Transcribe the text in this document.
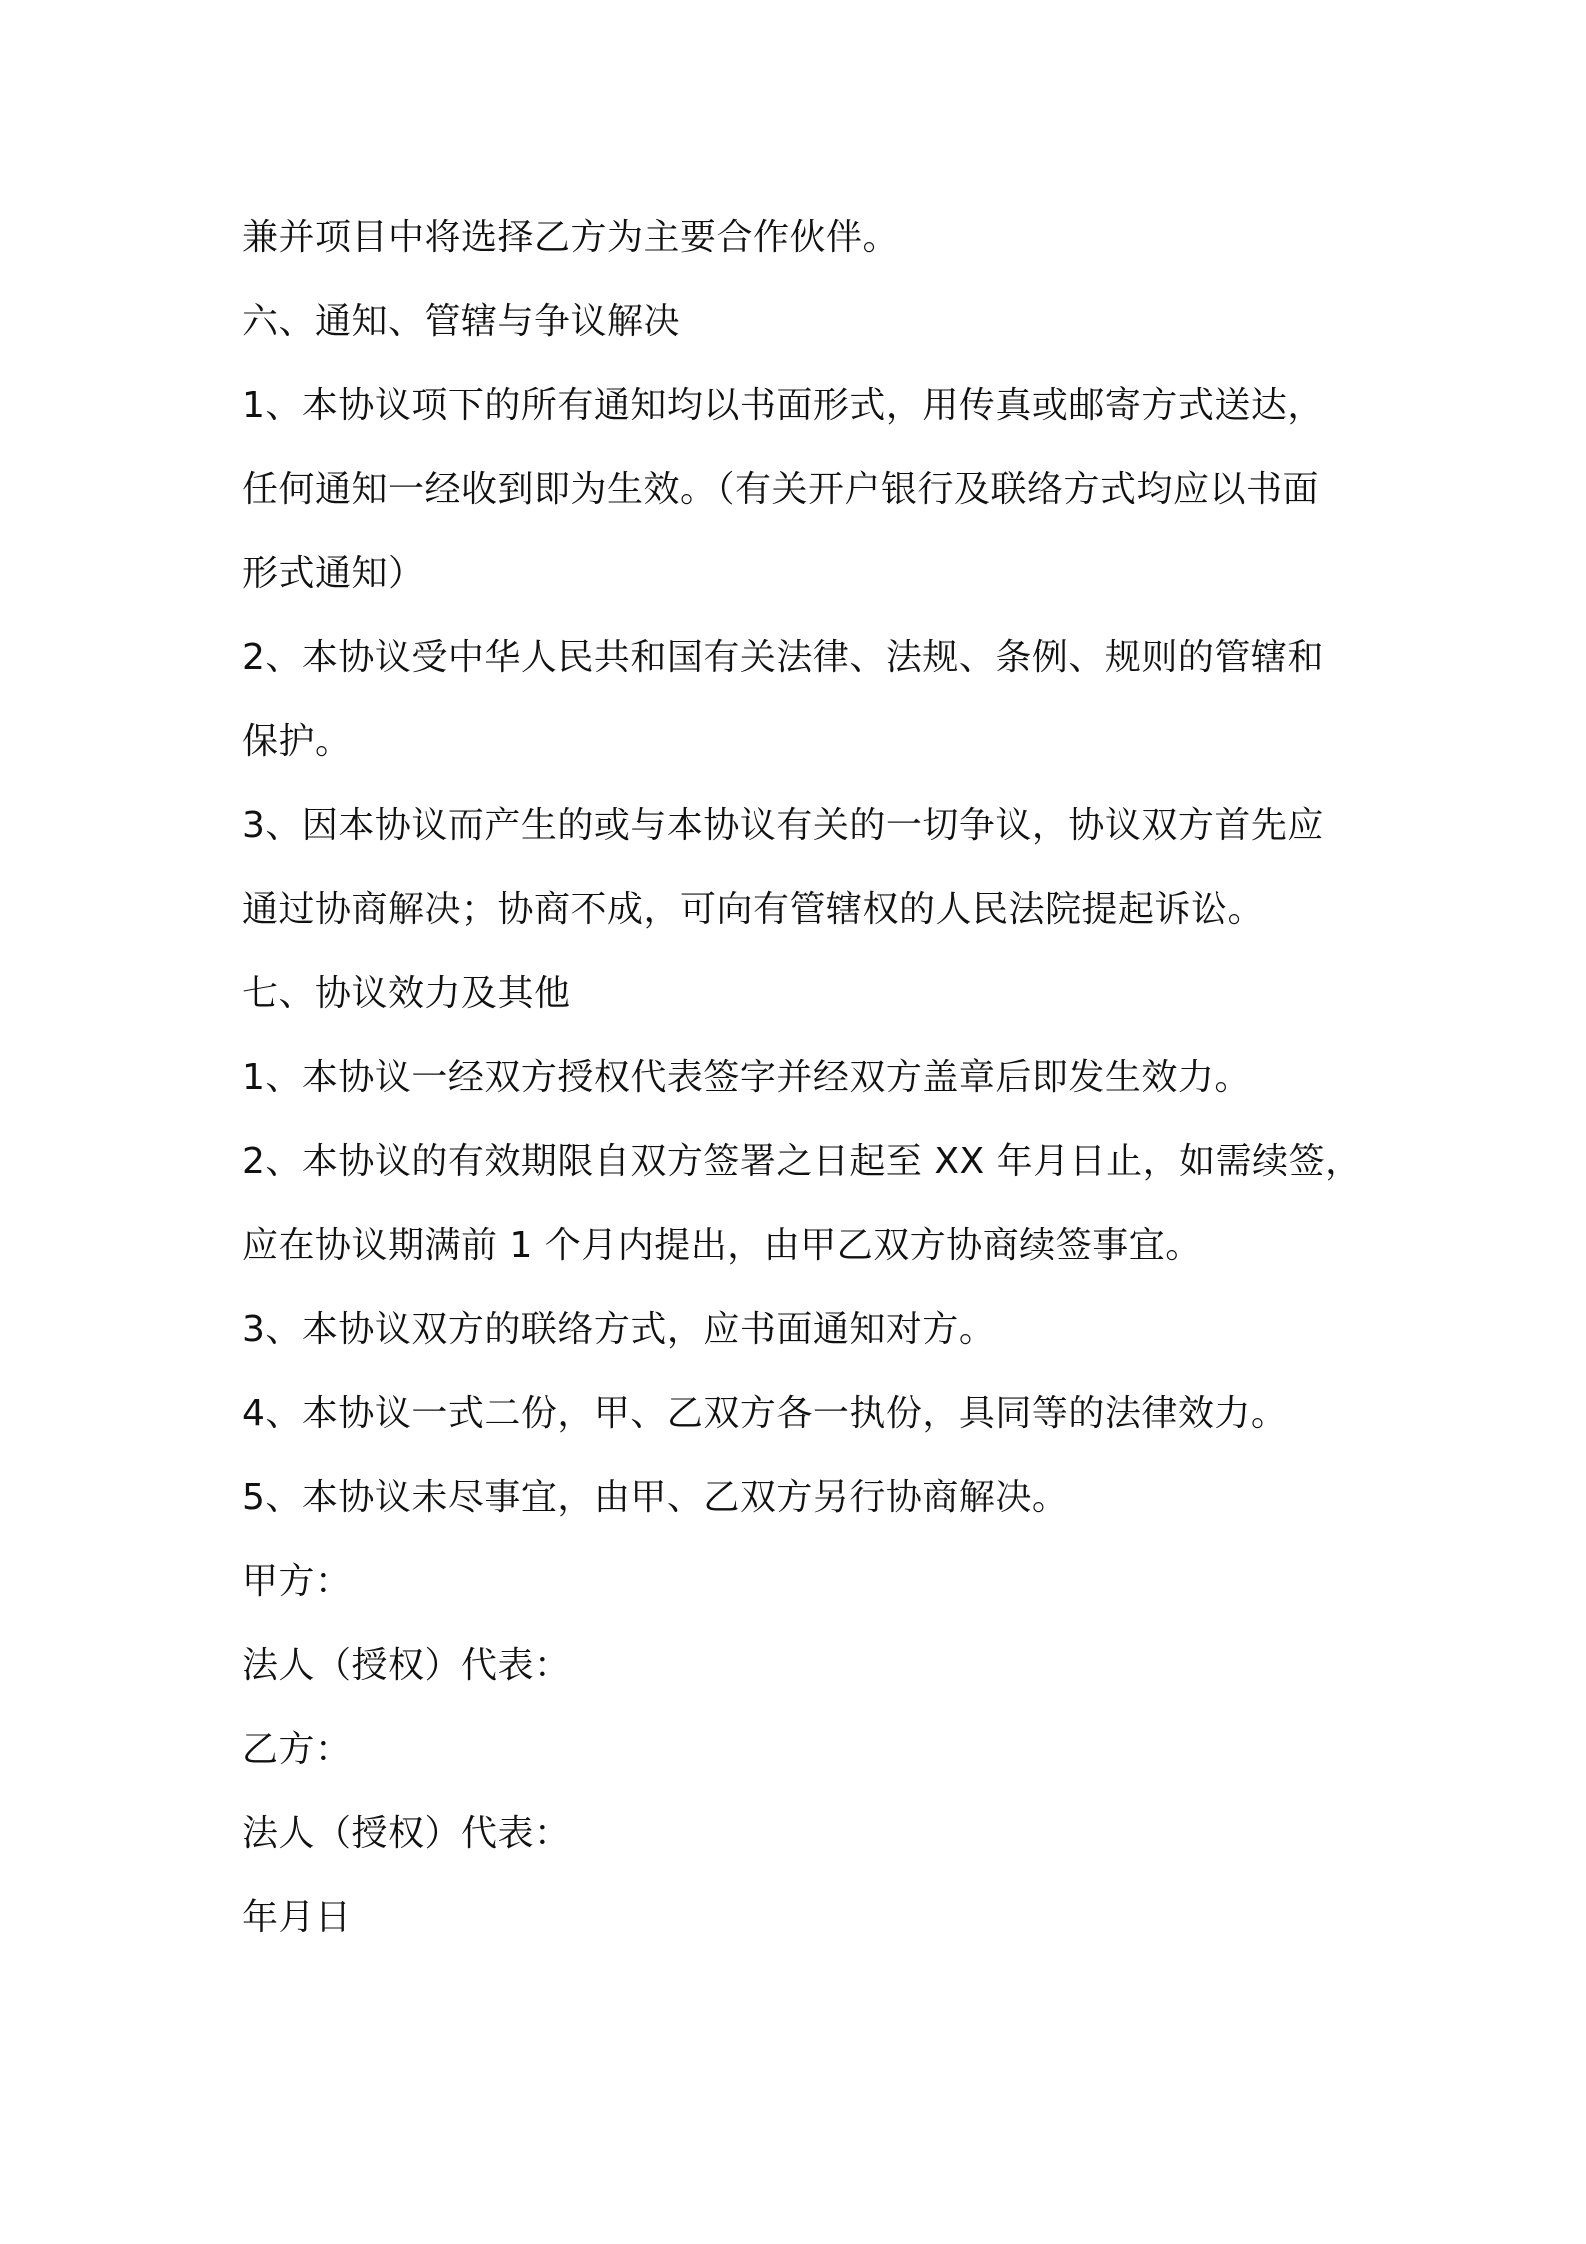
兼并项目中将选择乙方为主要合作伙伴。

六、通知、管辖与争议解决

1、本协议项下的所有通知均以书面形式，用传真或邮寄方式送达，

任何通知一经收到即为生效。（有关开户银行及联络方式均应以书面

形式通知）

2、本协议受中华人民共和国有关法律、法规、条例、规则的管辖和

保护。

3、因本协议而产生的或与本协议有关的一切争议，协议双方首先应

通过协商解决；协商不成，可向有管辖权的人民法院提起诉讼。

七、协议效力及其他

1、本协议一经双方授权代表签字并经双方盖章后即发生效力。

2、本协议的有效期限自双方签署之日起至 XX 年月日止，如需续签，

应在协议期满前 1 个月内提出，由甲乙双方协商续签事宜。

3、本协议双方的联络方式，应书面通知对方。

4、本协议一式二份，甲、乙双方各一执份，具同等的法律效力。

5、本协议未尽事宜，由甲、乙双方另行协商解决。

甲方：

法人（授权）代表：

乙方：

法人（授权）代表：

年月日
